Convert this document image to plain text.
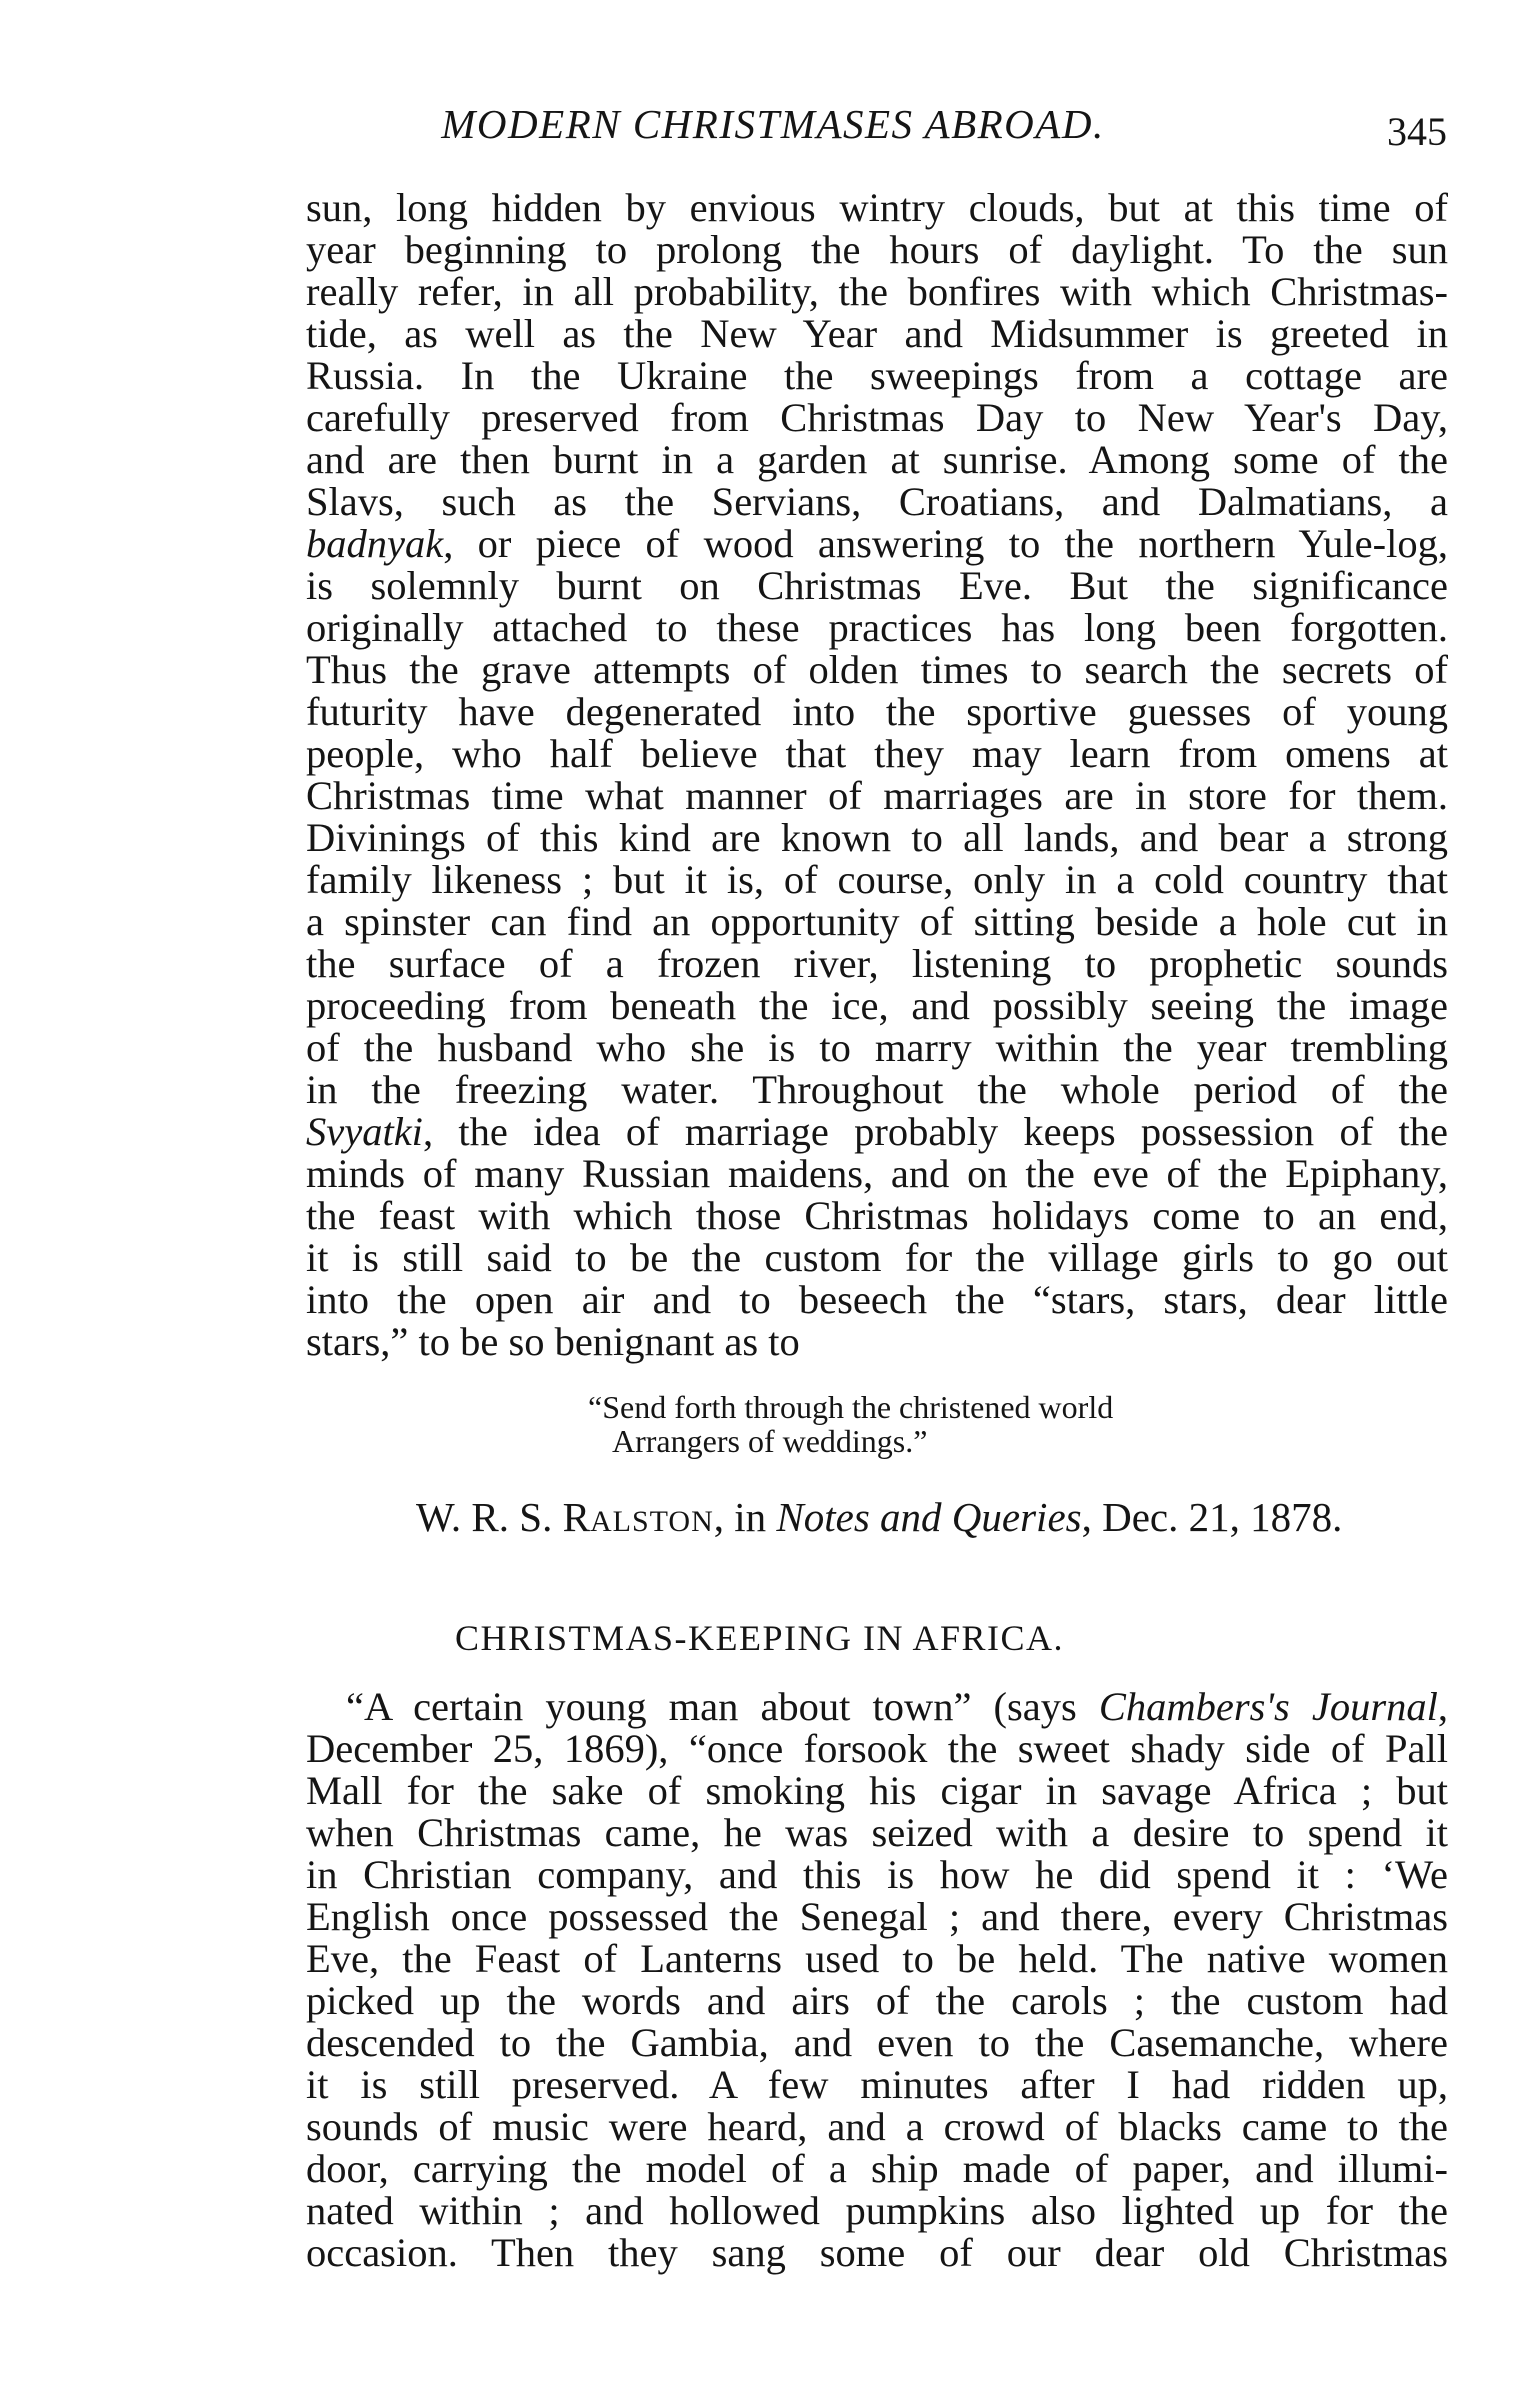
MODERN CHRISTMASES ABROAD.	345
sun, long hidden by envious wintry clouds, but at this time of
year beginning to prolong the hours of daylight. To the sun
really refer, in all probability, the bonfires with which Christmas-
tide, as well as the New Year and Midsummer is greeted in
Russia. In the Ukraine the sweepings from a cottage are
carefully preserved from Christmas Day to New Year's Day,
and are then burnt in a garden at sunrise. Among some of the
Slavs, such as the Servians, Croatians, and Dalmatians, a
badnyak, or piece of wood answering to the northern Yule-log,
is solemnly burnt on Christmas Eve. But the significance
originally attached to these practices has long been forgotten.
Thus the grave attempts of olden times to search the secrets of
futurity have degenerated into the sportive guesses of young
people, who half believe that they may learn from omens at
Christmas time what manner of marriages are in store for them.
Divinings of this kind are known to all lands, and bear a strong
family likeness ; but it is, of course, only in a cold country that
a spinster can find an opportunity of sitting beside a hole cut in
the surface of a frozen river, listening to prophetic sounds
proceeding from beneath the ice, and possibly seeing the image
of the husband who she is to marry within the year trembling
in the freezing water. Throughout the whole period of the
Svyatki, the idea of marriage probably keeps possession of the
minds of many Russian maidens, and on the eve of the Epiphany,
the feast with which those Christmas holidays come to an end,
it is still said to be the custom for the village girls to go out
into the open air and to beseech the “stars, stars, dear little
stars,” to be so benignant as to
“Send forth through the christened world
Arrangers of weddings.”
W. R. S. RALSTON, in Notes and Queries, Dec. 21, 1878.
CHRISTMAS-KEEPING IN AFRICA.
“A certain young man about town” (says Chambers's Journal,
December 25, 1869), “once forsook the sweet shady side of Pall
Mall for the sake of smoking his cigar in savage Africa ; but
when Christmas came, he was seized with a desire to spend it
in Christian company, and this is how he did spend it : ‘We
English once possessed the Senegal ; and there, every Christmas
Eve, the Feast of Lanterns used to be held. The native women
picked up the words and airs of the carols ; the custom had
descended to the Gambia, and even to the Casemanche, where
it is still preserved. A few minutes after I had ridden up,
sounds of music were heard, and a crowd of blacks came to the
door, carrying the model of a ship made of paper, and illumi-
nated within ; and hollowed pumpkins also lighted up for the
occasion. Then they sang some of our dear old Christmas
